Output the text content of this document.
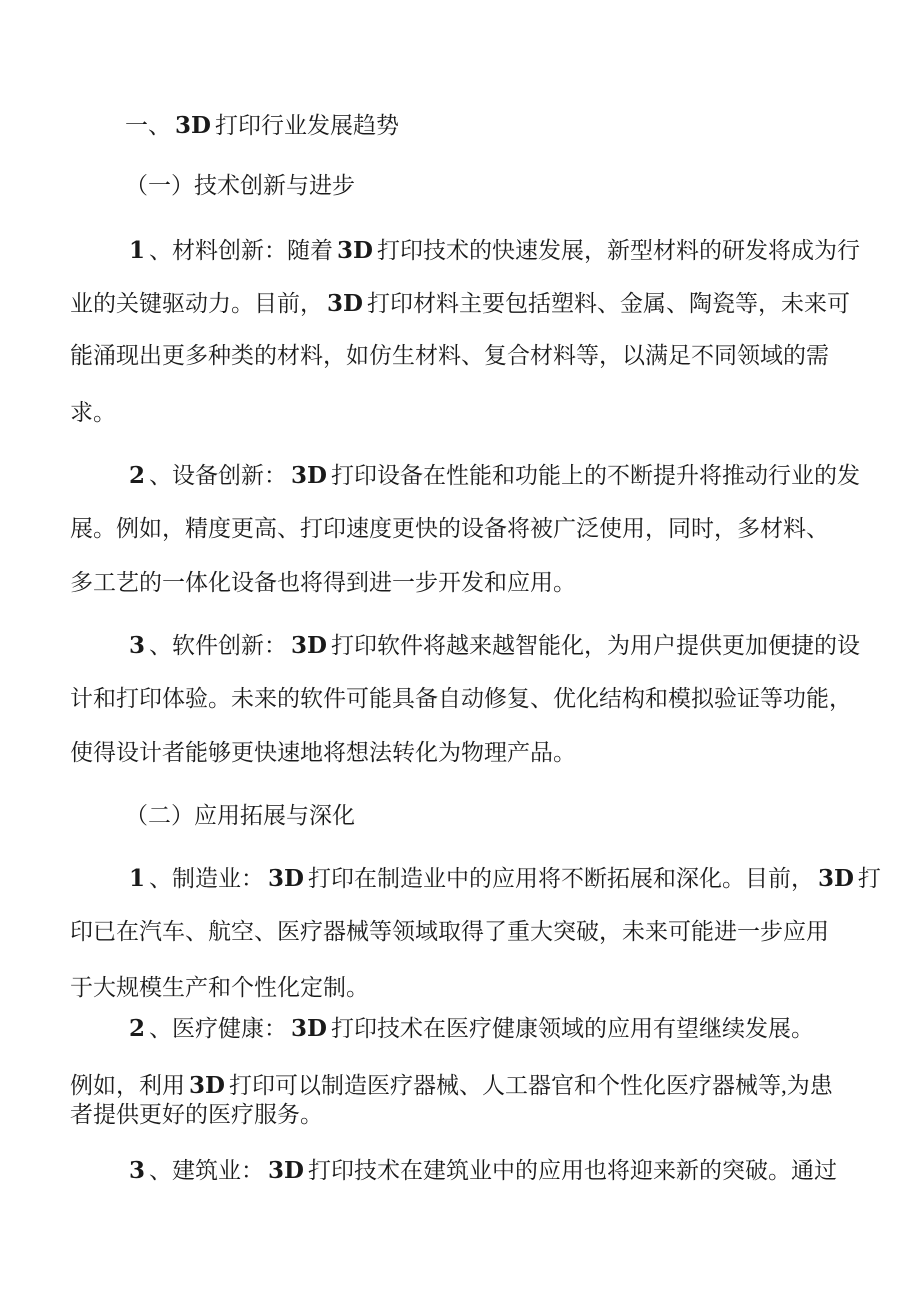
一、 3D 打印行业发展趋势
（一）技术创新与进步
1 、材料创新：随着 3D 打印技术的快速发展，新型材料的研发将成为行
业的关键驱动力。目前， 3D 打印材料主要包括塑料、金属、陶瓷等，未来可
能涌现出更多种类的材料，如仿生材料、复合材料等，以满足不同领域的需
求。
2 、设备创新： 3D 打印设备在性能和功能上的不断提升将推动行业的发
展。例如，精度更高、打印速度更快的设备将被广泛使用，同时，多材料、
多工艺的一体化设备也将得到进一步开发和应用。
3 、软件创新： 3D 打印软件将越来越智能化，为用户提供更加便捷的设
计和打印体验。未来的软件可能具备自动修复、优化结构和模拟验证等功能，
使得设计者能够更快速地将想法转化为物理产品。
（二）应用拓展与深化
1 、制造业： 3D 打印在制造业中的应用将不断拓展和深化。目前， 3D 打
印已在汽车、航空、医疗器械等领域取得了重大突破，未来可能进一步应用
于大规模生产和个性化定制。
2 、医疗健康： 3D 打印技术在医疗健康领域的应用有望继续发展。
例如，利用 3D 打印可以制造医疗器械、人工器官和个性化医疗器械等,为患
者提供更好的医疗服务。
3 、建筑业： 3D 打印技术在建筑业中的应用也将迎来新的突破。通过
